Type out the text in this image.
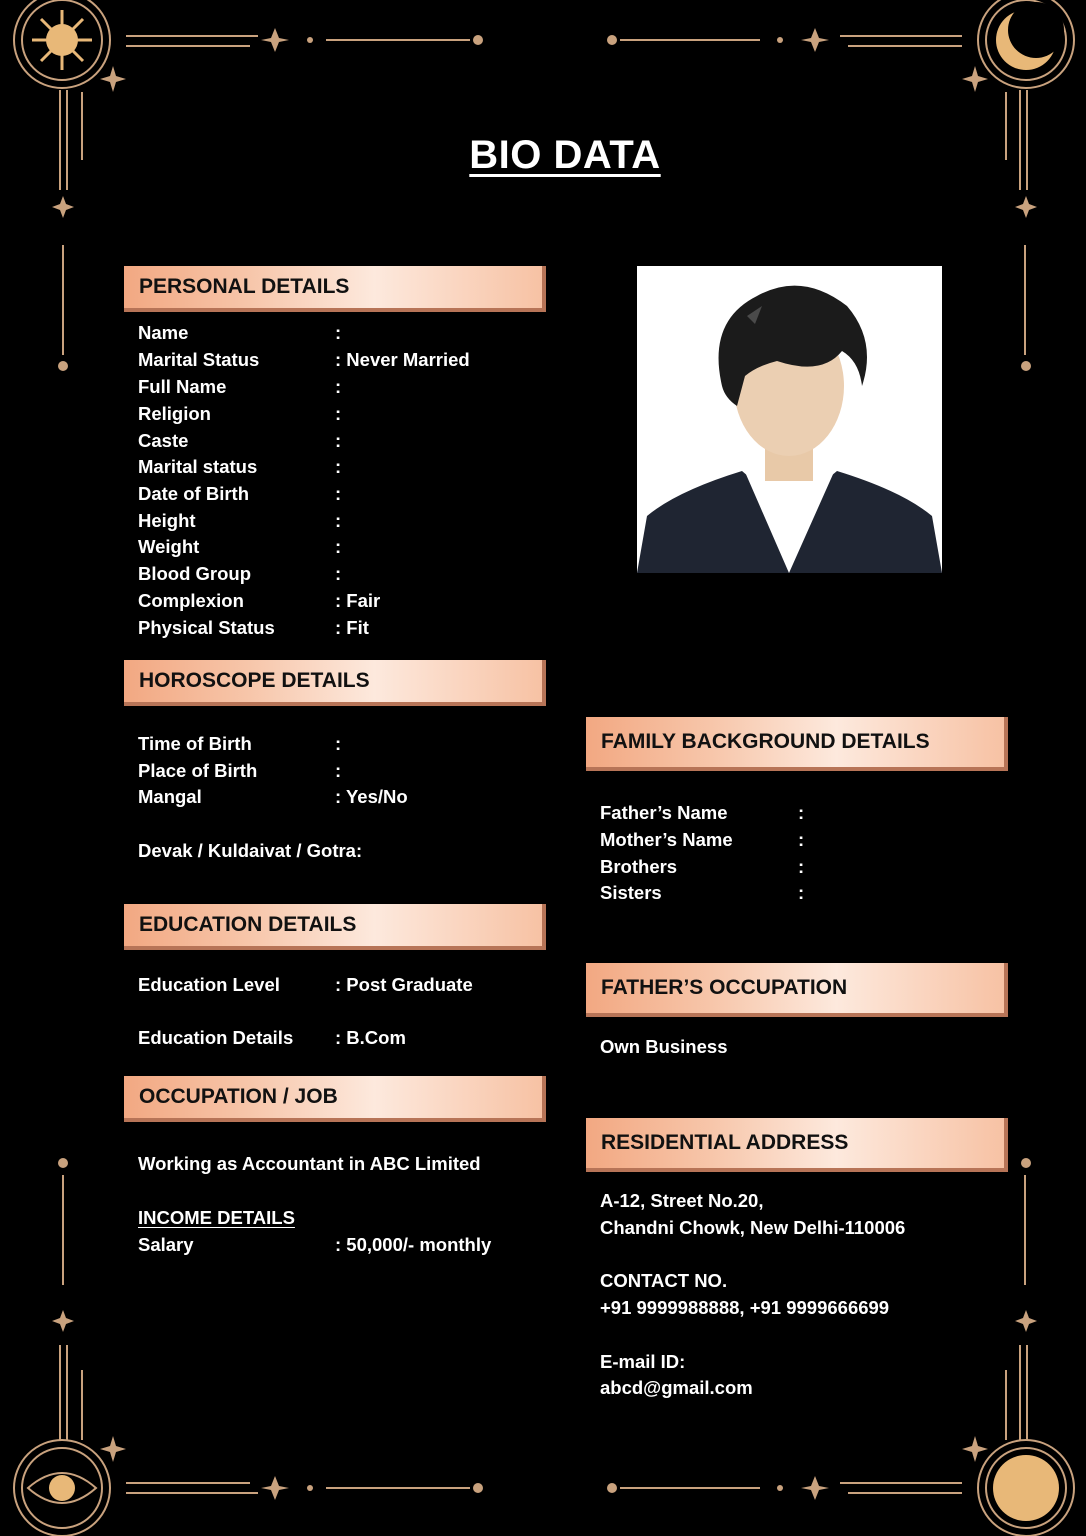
BIO DATA
PERSONAL DETAILS
Name	:
Marital Status	: Never Married
Full Name	:
Religion	:
Caste	:
Marital status	:
Date of Birth	:
Height	:
Weight	:
Blood Group	:
Complexion	: Fair
Physical Status	: Fit
HOROSCOPE DETAILS
Time of Birth	:
Place of Birth	:
Mangal	: Yes/No
Devak / Kuldaivat / Gotra:
EDUCATION DETAILS
Education Level	: Post Graduate
Education Details : B.Com
OCCUPATION / JOB
Working as Accountant in ABC Limited
INCOME DETAILS
Salary	: 50,000/- monthly
FAMILY BACKGROUND DETAILS
Father’s Name	:
Mother’s Name	:
Brothers	:
Sisters	:
FATHER’S OCCUPATION
Own Business
RESIDENTIAL ADDRESS
A-12, Street No.20,
Chandni Chowk, New Delhi-110006
CONTACT NO.
+91 9999988888, +91 9999666699
E-mail ID:
abcd@gmail.com
